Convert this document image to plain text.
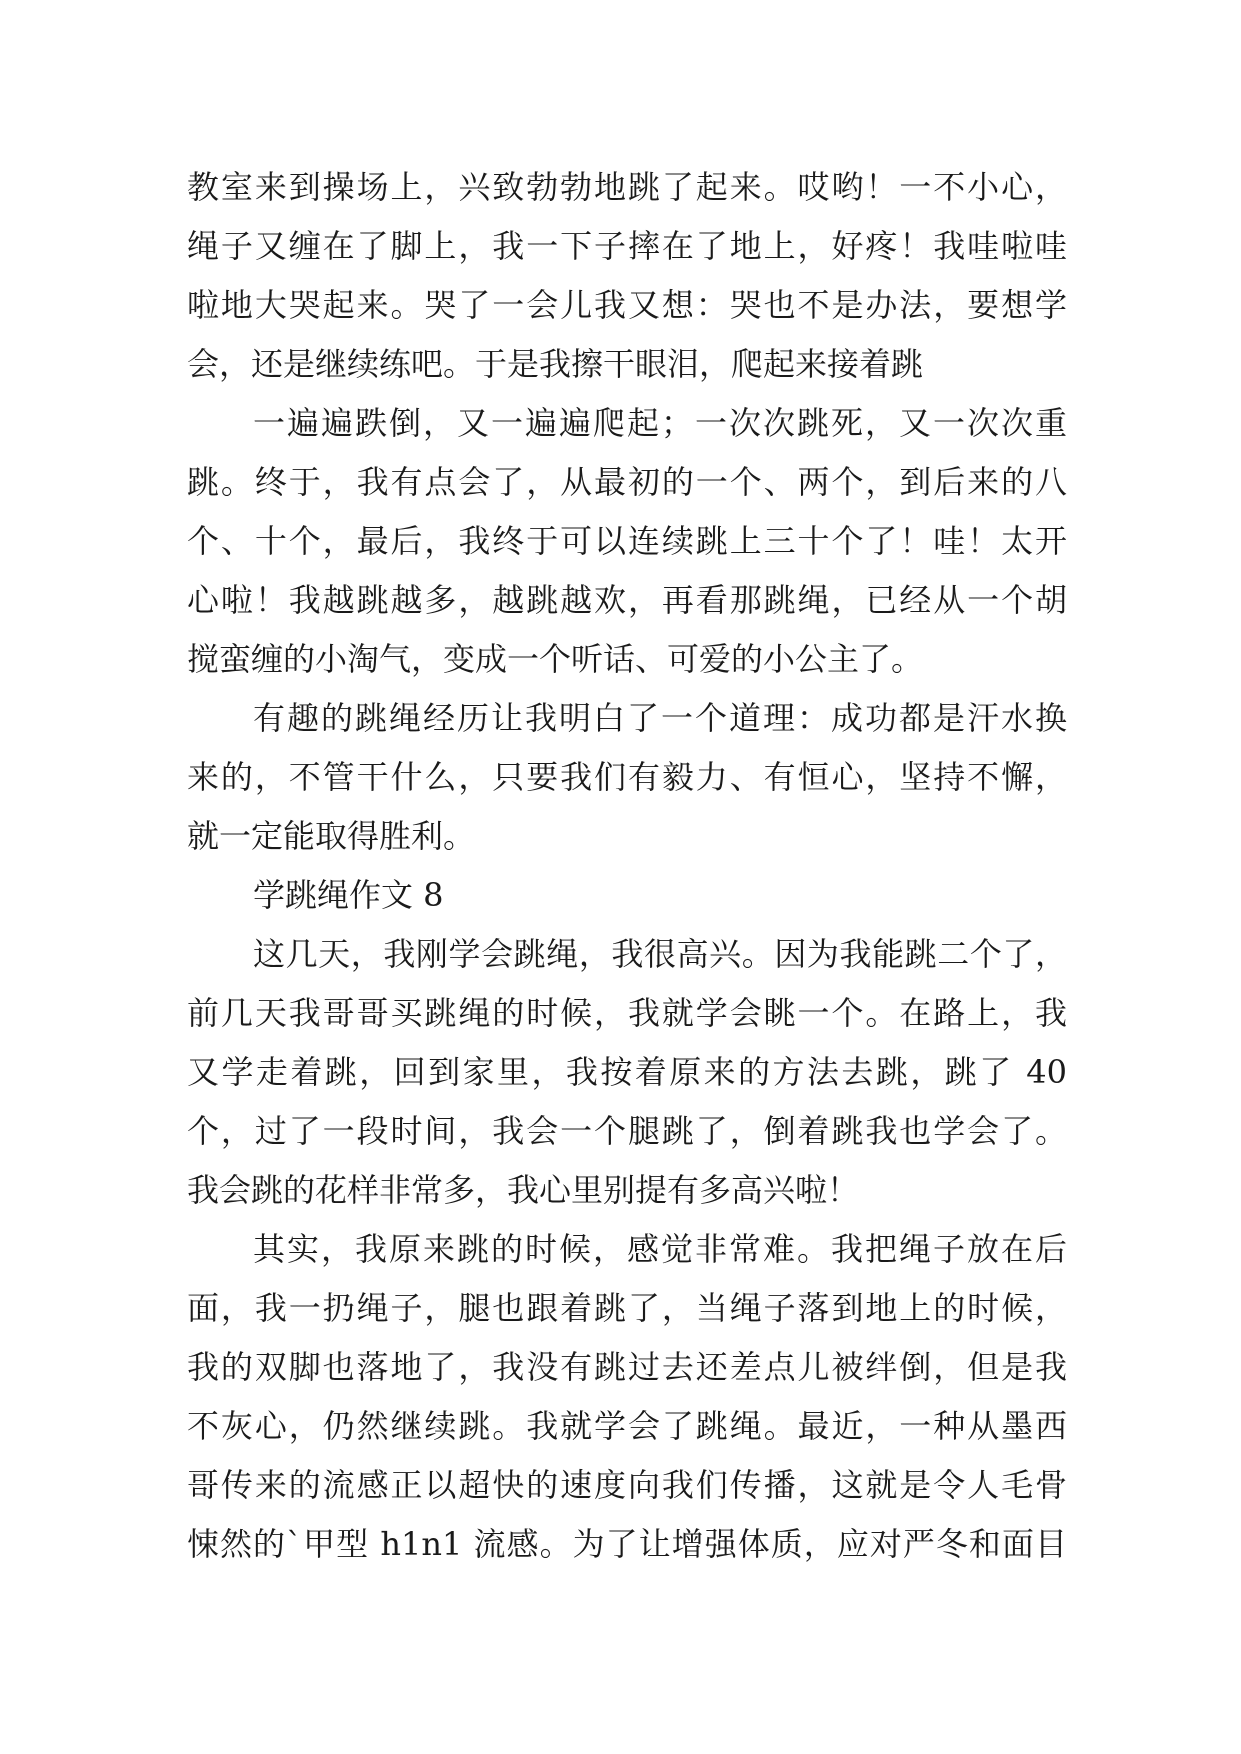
教室来到操场上，兴致勃勃地跳了起来。哎哟！一不小心，
绳子又缠在了脚上，我一下子摔在了地上，好疼！我哇啦哇
啦地大哭起来。哭了一会儿我又想：哭也不是办法，要想学
会，还是继续练吧。于是我擦干眼泪，爬起来接着跳
一遍遍跌倒，又一遍遍爬起；一次次跳死，又一次次重
跳。终于，我有点会了，从最初的一个、两个，到后来的八
个、十个，最后，我终于可以连续跳上三十个了！哇！太开
心啦！我越跳越多，越跳越欢，再看那跳绳，已经从一个胡
搅蛮缠的小淘气，变成一个听话、可爱的小公主了。
有趣的跳绳经历让我明白了一个道理：成功都是汗水换
来的，不管干什么，只要我们有毅力、有恒心，坚持不懈，
就一定能取得胜利。
学跳绳作文 8
这几天，我刚学会跳绳，我很高兴。因为我能跳二个了，
前几天我哥哥买跳绳的时候，我就学会眺一个。在路上，我
又学走着跳，回到家里，我按着原来的方法去跳，跳了 40
个，过了一段时间，我会一个腿跳了，倒着跳我也学会了。
我会跳的花样非常多，我心里别提有多高兴啦！
其实，我原来跳的时候，感觉非常难。我把绳子放在后
面，我一扔绳子，腿也跟着跳了，当绳子落到地上的时候，
我的双脚也落地了，我没有跳过去还差点儿被绊倒，但是我
不灰心，仍然继续跳。我就学会了跳绳。最近，一种从墨西
哥传来的流感正以超快的速度向我们传播，这就是令人毛骨
悚然的`甲型 h1n1 流感。为了让增强体质，应对严冬和面目
